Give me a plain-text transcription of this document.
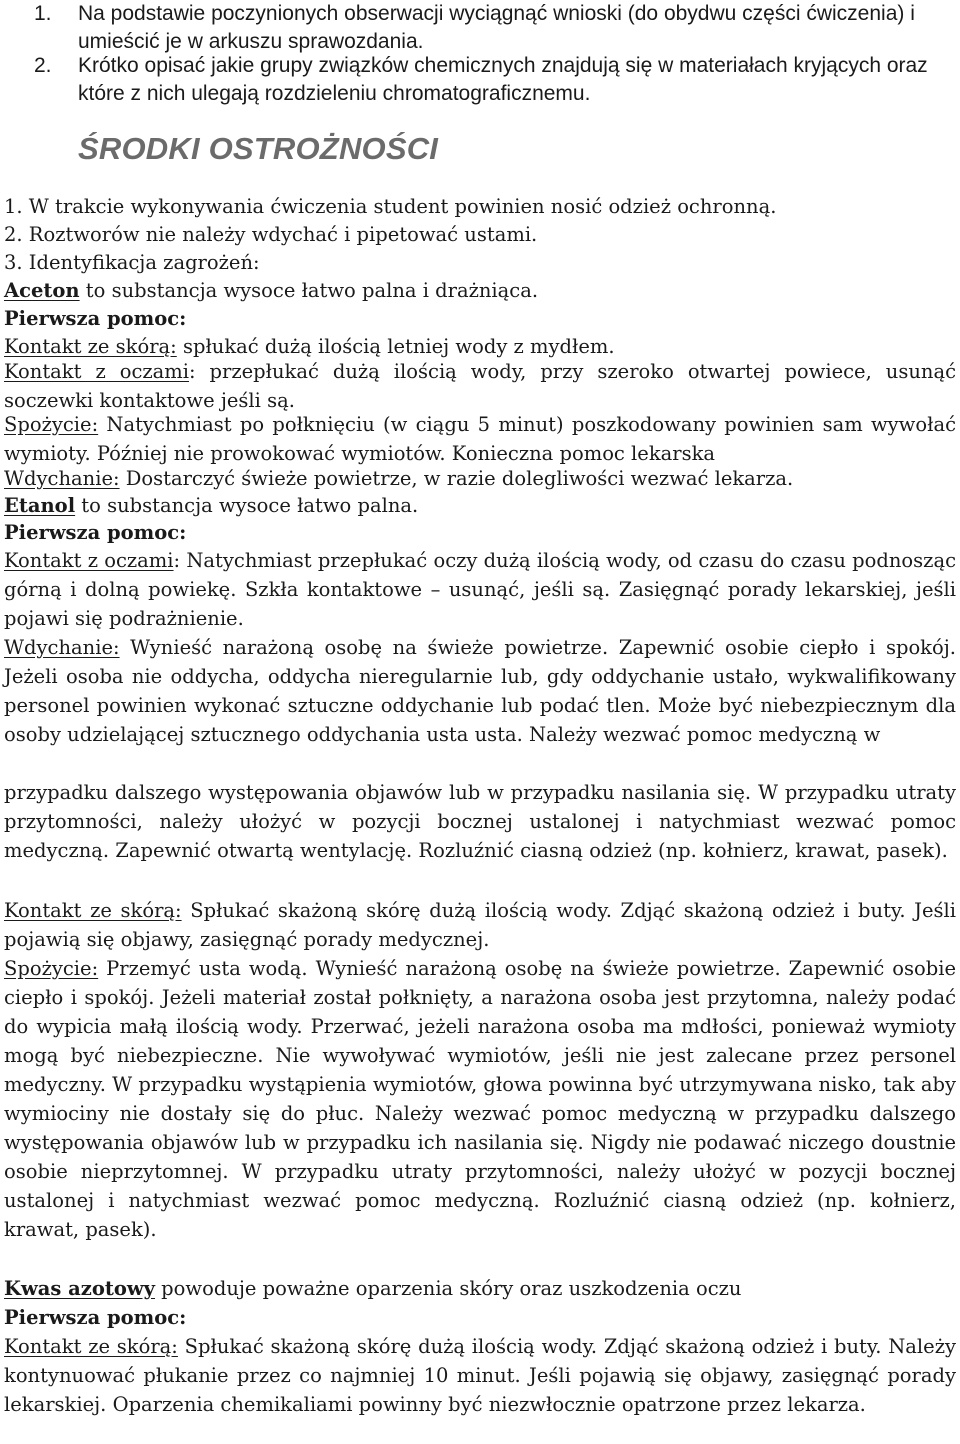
1. Na podstawie poczynionych obserwacji wyciągnąć wnioski (do obydwu części ćwiczenia) i umieścić je w arkuszu sprawozdania.
2. Krótko opisać jakie grupy związków chemicznych znajdują się w materiałach kryjących oraz które z nich ulegają rozdzieleniu chromatograficznemu.
ŚRODKI OSTROŻNOŚCI

1. W trakcie wykonywania ćwiczenia student powinien nosić odzież ochronną.

2. Roztworów nie należy wdychać i pipetować ustami.

3. Identyfikacja zagrożeń:

Aceton to substancja wysoce łatwo palna i drażniąca.

Pierwsza pomoc:

Kontakt ze skórą: spłukać dużą ilością letniej wody z mydłem.

Kontakt z oczami: przepłukać dużą ilością wody, przy szeroko otwartej powiece, usunąć soczewki kontaktowe jeśli są.

Spożycie: Natychmiast po połknięciu (w ciągu 5 minut) poszkodowany powinien sam wywołać wymioty. Później nie prowokować wymiotów. Konieczna pomoc lekarska

Wdychanie: Dostarczyć świeże powietrze, w razie dolegliwości wezwać lekarza.

Etanol to substancja wysoce łatwo palna.

Pierwsza pomoc:

Kontakt z oczami: Natychmiast przepłukać oczy dużą ilością wody, od czasu do czasu podnosząc górną i dolną powiekę. Szkła kontaktowe – usunąć, jeśli są. Zasięgnąć porady lekarskiej, jeśli pojawi się podrażnienie.

Wdychanie: Wynieść narażoną osobę na świeże powietrze. Zapewnić osobie ciepło i spokój. Jeżeli osoba nie oddycha, oddycha nieregularnie lub, gdy oddychanie ustało, wykwalifikowany personel powinien wykonać sztuczne oddychanie lub podać tlen. Może być niebezpiecznym dla osoby udzielającej sztucznego oddychania usta usta. Należy wezwać pomoc medyczną w

przypadku dalszego występowania objawów lub w przypadku nasilania się. W przypadku utraty przytomności, należy ułożyć w pozycji bocznej ustalonej i natychmiast wezwać pomoc medyczną. Zapewnić otwartą wentylację. Rozluźnić ciasną odzież (np. kołnierz, krawat, pasek).

Kontakt ze skórą: Spłukać skażoną skórę dużą ilością wody. Zdjąć skażoną odzież i buty. Jeśli pojawią się objawy, zasięgnąć porady medycznej.

Spożycie: Przemyć usta wodą. Wynieść narażoną osobę na świeże powietrze. Zapewnić osobie ciepło i spokój. Jeżeli materiał został połknięty, a narażona osoba jest przytomna, należy podać do wypicia małą ilością wody. Przerwać, jeżeli narażona osoba ma mdłości, ponieważ wymioty mogą być niebezpieczne. Nie wywoływać wymiotów, jeśli nie jest zalecane przez personel medyczny. W przypadku wystąpienia wymiotów, głowa powinna być utrzymywana nisko, tak aby wymiociny nie dostały się do płuc. Należy wezwać pomoc medyczną w przypadku dalszego występowania objawów lub w przypadku ich nasilania się. Nigdy nie podawać niczego doustnie osobie nieprzytomnej. W przypadku utraty przytomności, należy ułożyć w pozycji bocznej ustalonej i natychmiast wezwać pomoc medyczną. Rozluźnić ciasną odzież (np. kołnierz, krawat, pasek).

Kwas azotowy powoduje poważne oparzenia skóry oraz uszkodzenia oczu

Pierwsza pomoc:

Kontakt ze skórą: Spłukać skażoną skórę dużą ilością wody. Zdjąć skażoną odzież i buty. Należy kontynuować płukanie przez co najmniej 10 minut. Jeśli pojawią się objawy, zasięgnąć porady lekarskiej. Oparzenia chemikaliami powinny być niezwłocznie opatrzone przez lekarza.
